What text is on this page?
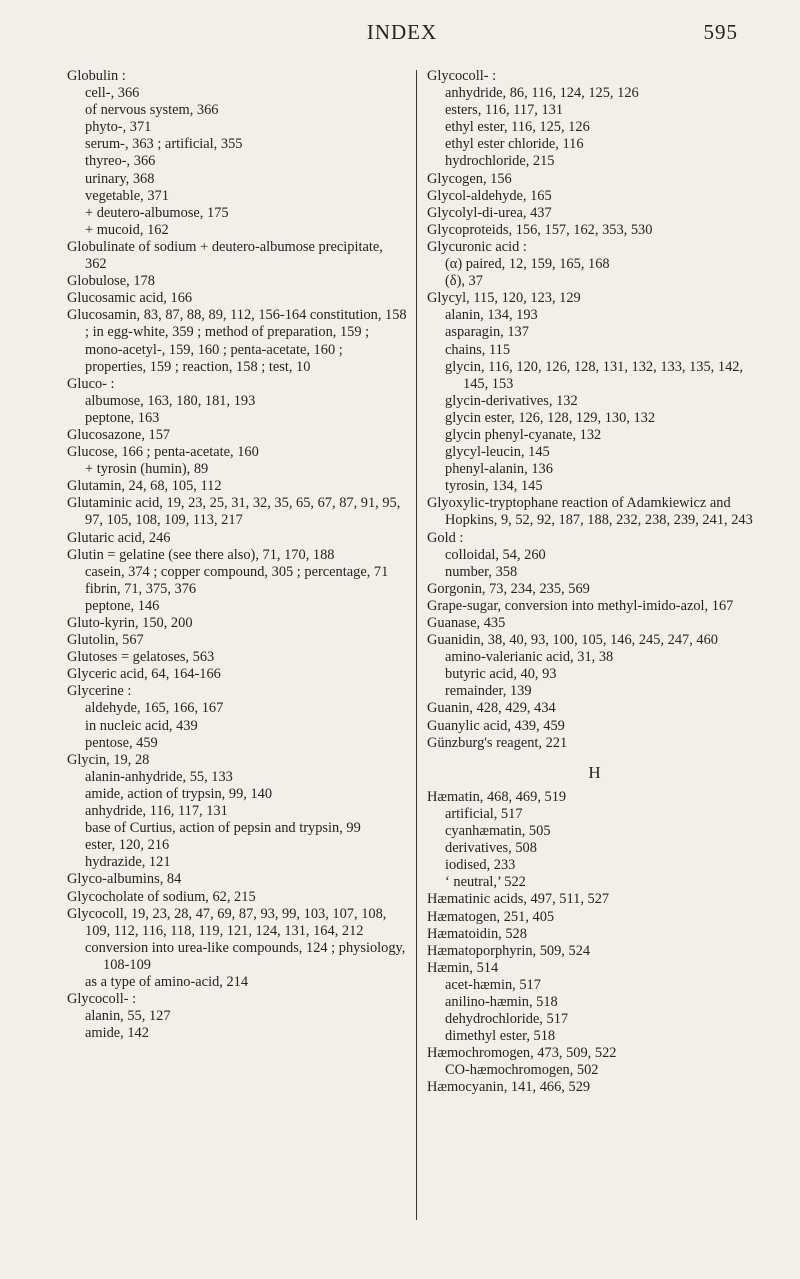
INDEX	595
Globulin :
cell-, 366
of nervous system, 366
phyto-, 371
serum-, 363 ; artificial, 355
thyreo-, 366
urinary, 368
vegetable, 371
+ deutero-albumose, 175
+ mucoid, 162
Globulinate of sodium + deutero-albumose precipitate, 362
Globulose, 178
Glucosamic acid, 166
Glucosamin, 83, 87, 88, 89, 112, 156-164 constitution, 158 ; in egg-white, 359 ; method of preparation, 159 ; mono-acetyl-, 159, 160 ; penta-acetate, 160 ; properties, 159 ; reaction, 158 ; test, 10
Gluco- :
albumose, 163, 180, 181, 193
peptone, 163
Glucosazone, 157
Glucose, 166 ; penta-acetate, 160
+ tyrosin (humin), 89
Glutamin, 24, 68, 105, 112
Glutaminic acid, 19, 23, 25, 31, 32, 35, 65, 67, 87, 91, 95, 97, 105, 108, 109, 113, 217
Glutaric acid, 246
Glutin = gelatine (see there also), 71, 170, 188
casein, 374 ; copper compound, 305 ; percentage, 71
fibrin, 71, 375, 376
peptone, 146
Gluto-kyrin, 150, 200
Glutolin, 567
Glutoses = gelatoses, 563
Glyceric acid, 64, 164-166
Glycerine :
aldehyde, 165, 166, 167
in nucleic acid, 439
pentose, 459
Glycin, 19, 28
alanin-anhydride, 55, 133
amide, action of trypsin, 99, 140
anhydride, 116, 117, 131
base of Curtius, action of pepsin and trypsin, 99
ester, 120, 216
hydrazide, 121
Glyco-albumins, 84
Glycocholate of sodium, 62, 215
Glycocoll, 19, 23, 28, 47, 69, 87, 93, 99, 103, 107, 108, 109, 112, 116, 118, 119, 121, 124, 131, 164, 212
conversion into urea-like compounds, 124 ; physiology, 108-109
as a type of amino-acid, 214
Glycocoll- :
alanin, 55, 127
amide, 142
Glycocoll- :
anhydride, 86, 116, 124, 125, 126
esters, 116, 117, 131
ethyl ester, 116, 125, 126
ethyl ester chloride, 116
hydrochloride, 215
Glycogen, 156
Glycol-aldehyde, 165
Glycolyl-di-urea, 437
Glycoproteids, 156, 157, 162, 353, 530
Glycuronic acid :
(α) paired, 12, 159, 165, 168
(δ), 37
Glycyl, 115, 120, 123, 129
alanin, 134, 193
asparagin, 137
chains, 115
glycin, 116, 120, 126, 128, 131, 132, 133, 135, 142, 145, 153
glycin-derivatives, 132
glycin ester, 126, 128, 129, 130, 132
glycin phenyl-cyanate, 132
glycyl-leucin, 145
phenyl-alanin, 136
tyrosin, 134, 145
Glyoxylic-tryptophane reaction of Adamkiewicz and Hopkins, 9, 52, 92, 187, 188, 232, 238, 239, 241, 243
Gold :
colloidal, 54, 260
number, 358
Gorgonin, 73, 234, 235, 569
Grape-sugar, conversion into methyl-imido-azol, 167
Guanase, 435
Guanidin, 38, 40, 93, 100, 105, 146, 245, 247, 460
amino-valerianic acid, 31, 38
butyric acid, 40, 93
remainder, 139
Guanin, 428, 429, 434
Guanylic acid, 439, 459
Günzburg's reagent, 221
H
Hæmatin, 468, 469, 519
artificial, 517
cyanhæmatin, 505
derivatives, 508
iodised, 233
‘ neutral,’ 522
Hæmatinic acids, 497, 511, 527
Hæmatogen, 251, 405
Hæmatoidin, 528
Hæmatoporphyrin, 509, 524
Hæmin, 514
acet-hæmin, 517
anilino-hæmin, 518
dehydrochloride, 517
dimethyl ester, 518
Hæmochromogen, 473, 509, 522
CO-hæmochromogen, 502
Hæmocyanin, 141, 466, 529
